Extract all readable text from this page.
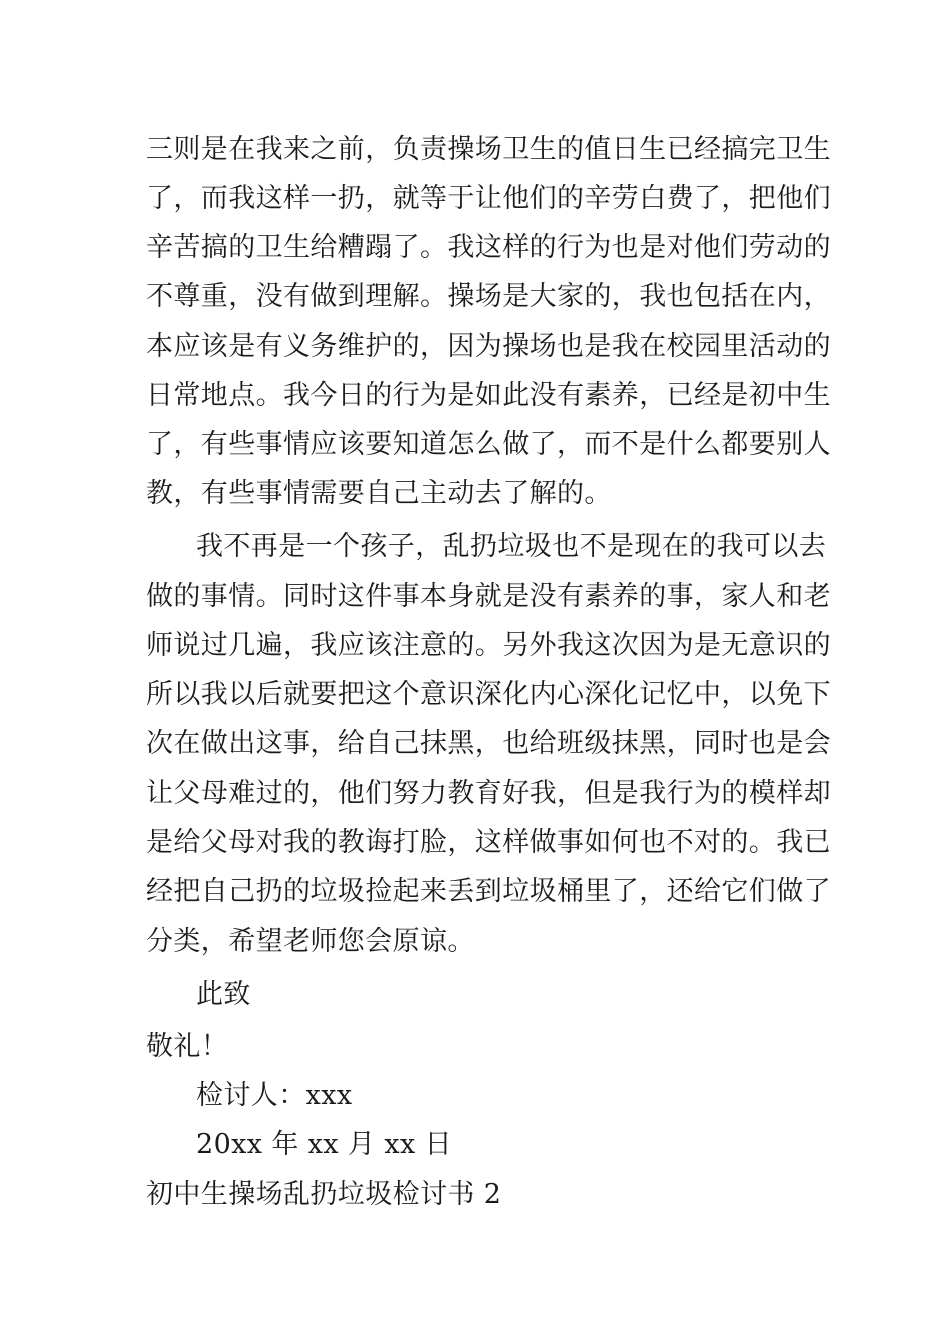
三则是在我来之前，负责操场卫生的值日生已经搞完卫生
了，而我这样一扔，就等于让他们的辛劳白费了，把他们
辛苦搞的卫生给糟蹋了。我这样的行为也是对他们劳动的
不尊重，没有做到理解。操场是大家的，我也包括在内，
本应该是有义务维护的，因为操场也是我在校园里活动的
日常地点。我今日的行为是如此没有素养，已经是初中生
了，有些事情应该要知道怎么做了，而不是什么都要别人
教，有些事情需要自己主动去了解的。
我不再是一个孩子，乱扔垃圾也不是现在的我可以去
做的事情。同时这件事本身就是没有素养的事，家人和老
师说过几遍，我应该注意的。另外我这次因为是无意识的
所以我以后就要把这个意识深化内心深化记忆中，以免下
次在做出这事，给自己抹黑，也给班级抹黑，同时也是会
让父母难过的，他们努力教育好我，但是我行为的模样却
是给父母对我的教诲打脸，这样做事如何也不对的。我已
经把自己扔的垃圾捡起来丢到垃圾桶里了，还给它们做了
分类，希望老师您会原谅。
此致
敬礼！
检讨人：xxx
20xx 年 xx 月 xx 日
初中生操场乱扔垃圾检讨书 2
